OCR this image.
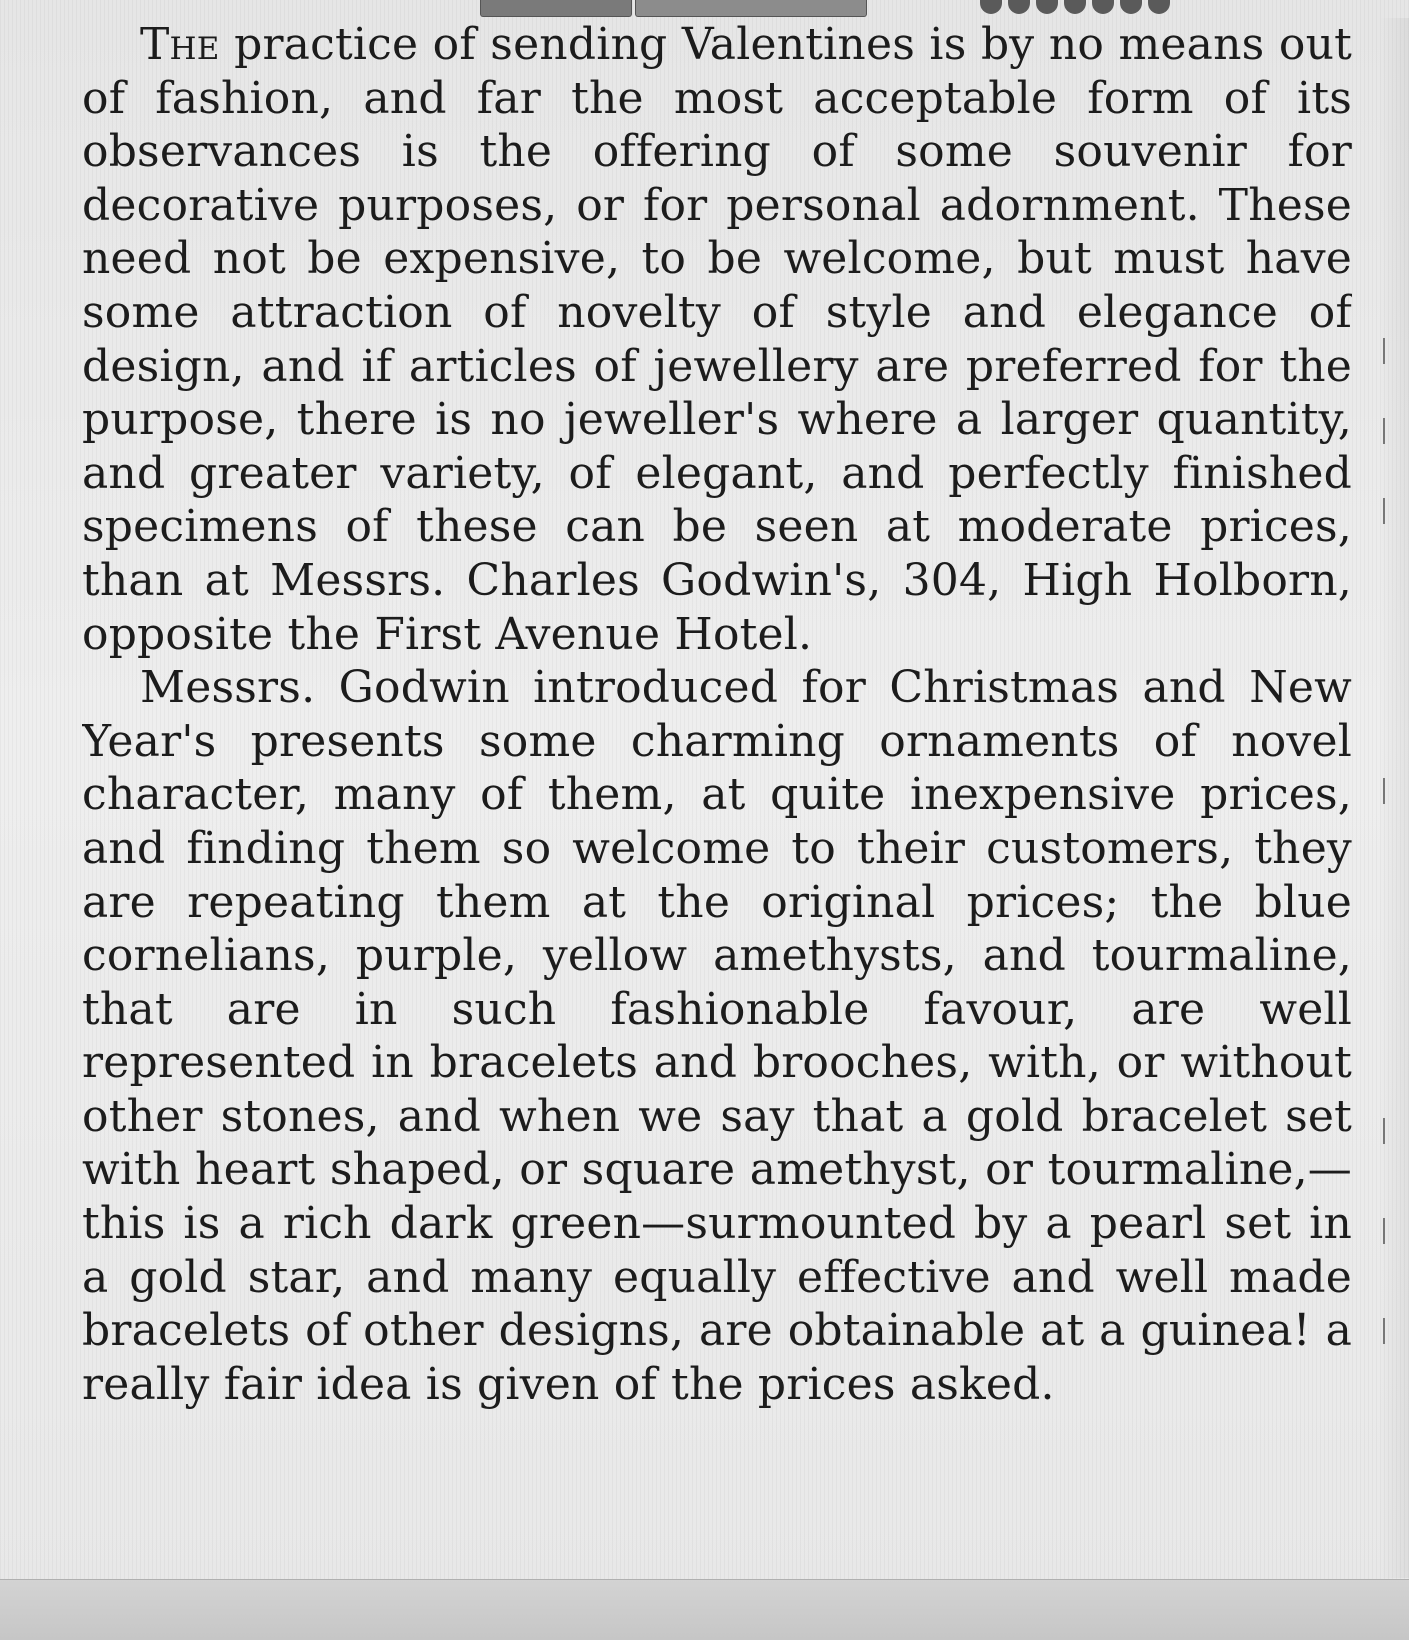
The practice of sending Valentines is by no means out of fashion, and far the most acceptable form of its observances is the offering of some souvenir for decorative purposes, or for personal adornment. These need not be expensive, to be welcome, but must have some attraction of novelty of style and elegance of design, and if articles of jewellery are preferred for the purpose, there is no jeweller's where a larger quantity, and greater variety, of elegant, and perfectly finished specimens of these can be seen at moderate prices, than at Messrs. Charles Godwin's, 304, High Holborn, opposite the First Avenue Hotel.

Messrs. Godwin introduced for Christmas and New Year's presents some charming ornaments of novel character, many of them, at quite inexpensive prices, and finding them so welcome to their customers, they are repeating them at the original prices; the blue cornelians, purple, yellow amethysts, and tourmaline, that are in such fashionable favour, are well represented in bracelets and brooches, with, or without other stones, and when we say that a gold bracelet set with heart shaped, or square amethyst, or tourmaline,—this is a rich dark green—surmounted by a pearl set in a gold star, and many equally effective and well made bracelets of other designs, are obtainable at a guinea! a really fair idea is given of the prices asked.
